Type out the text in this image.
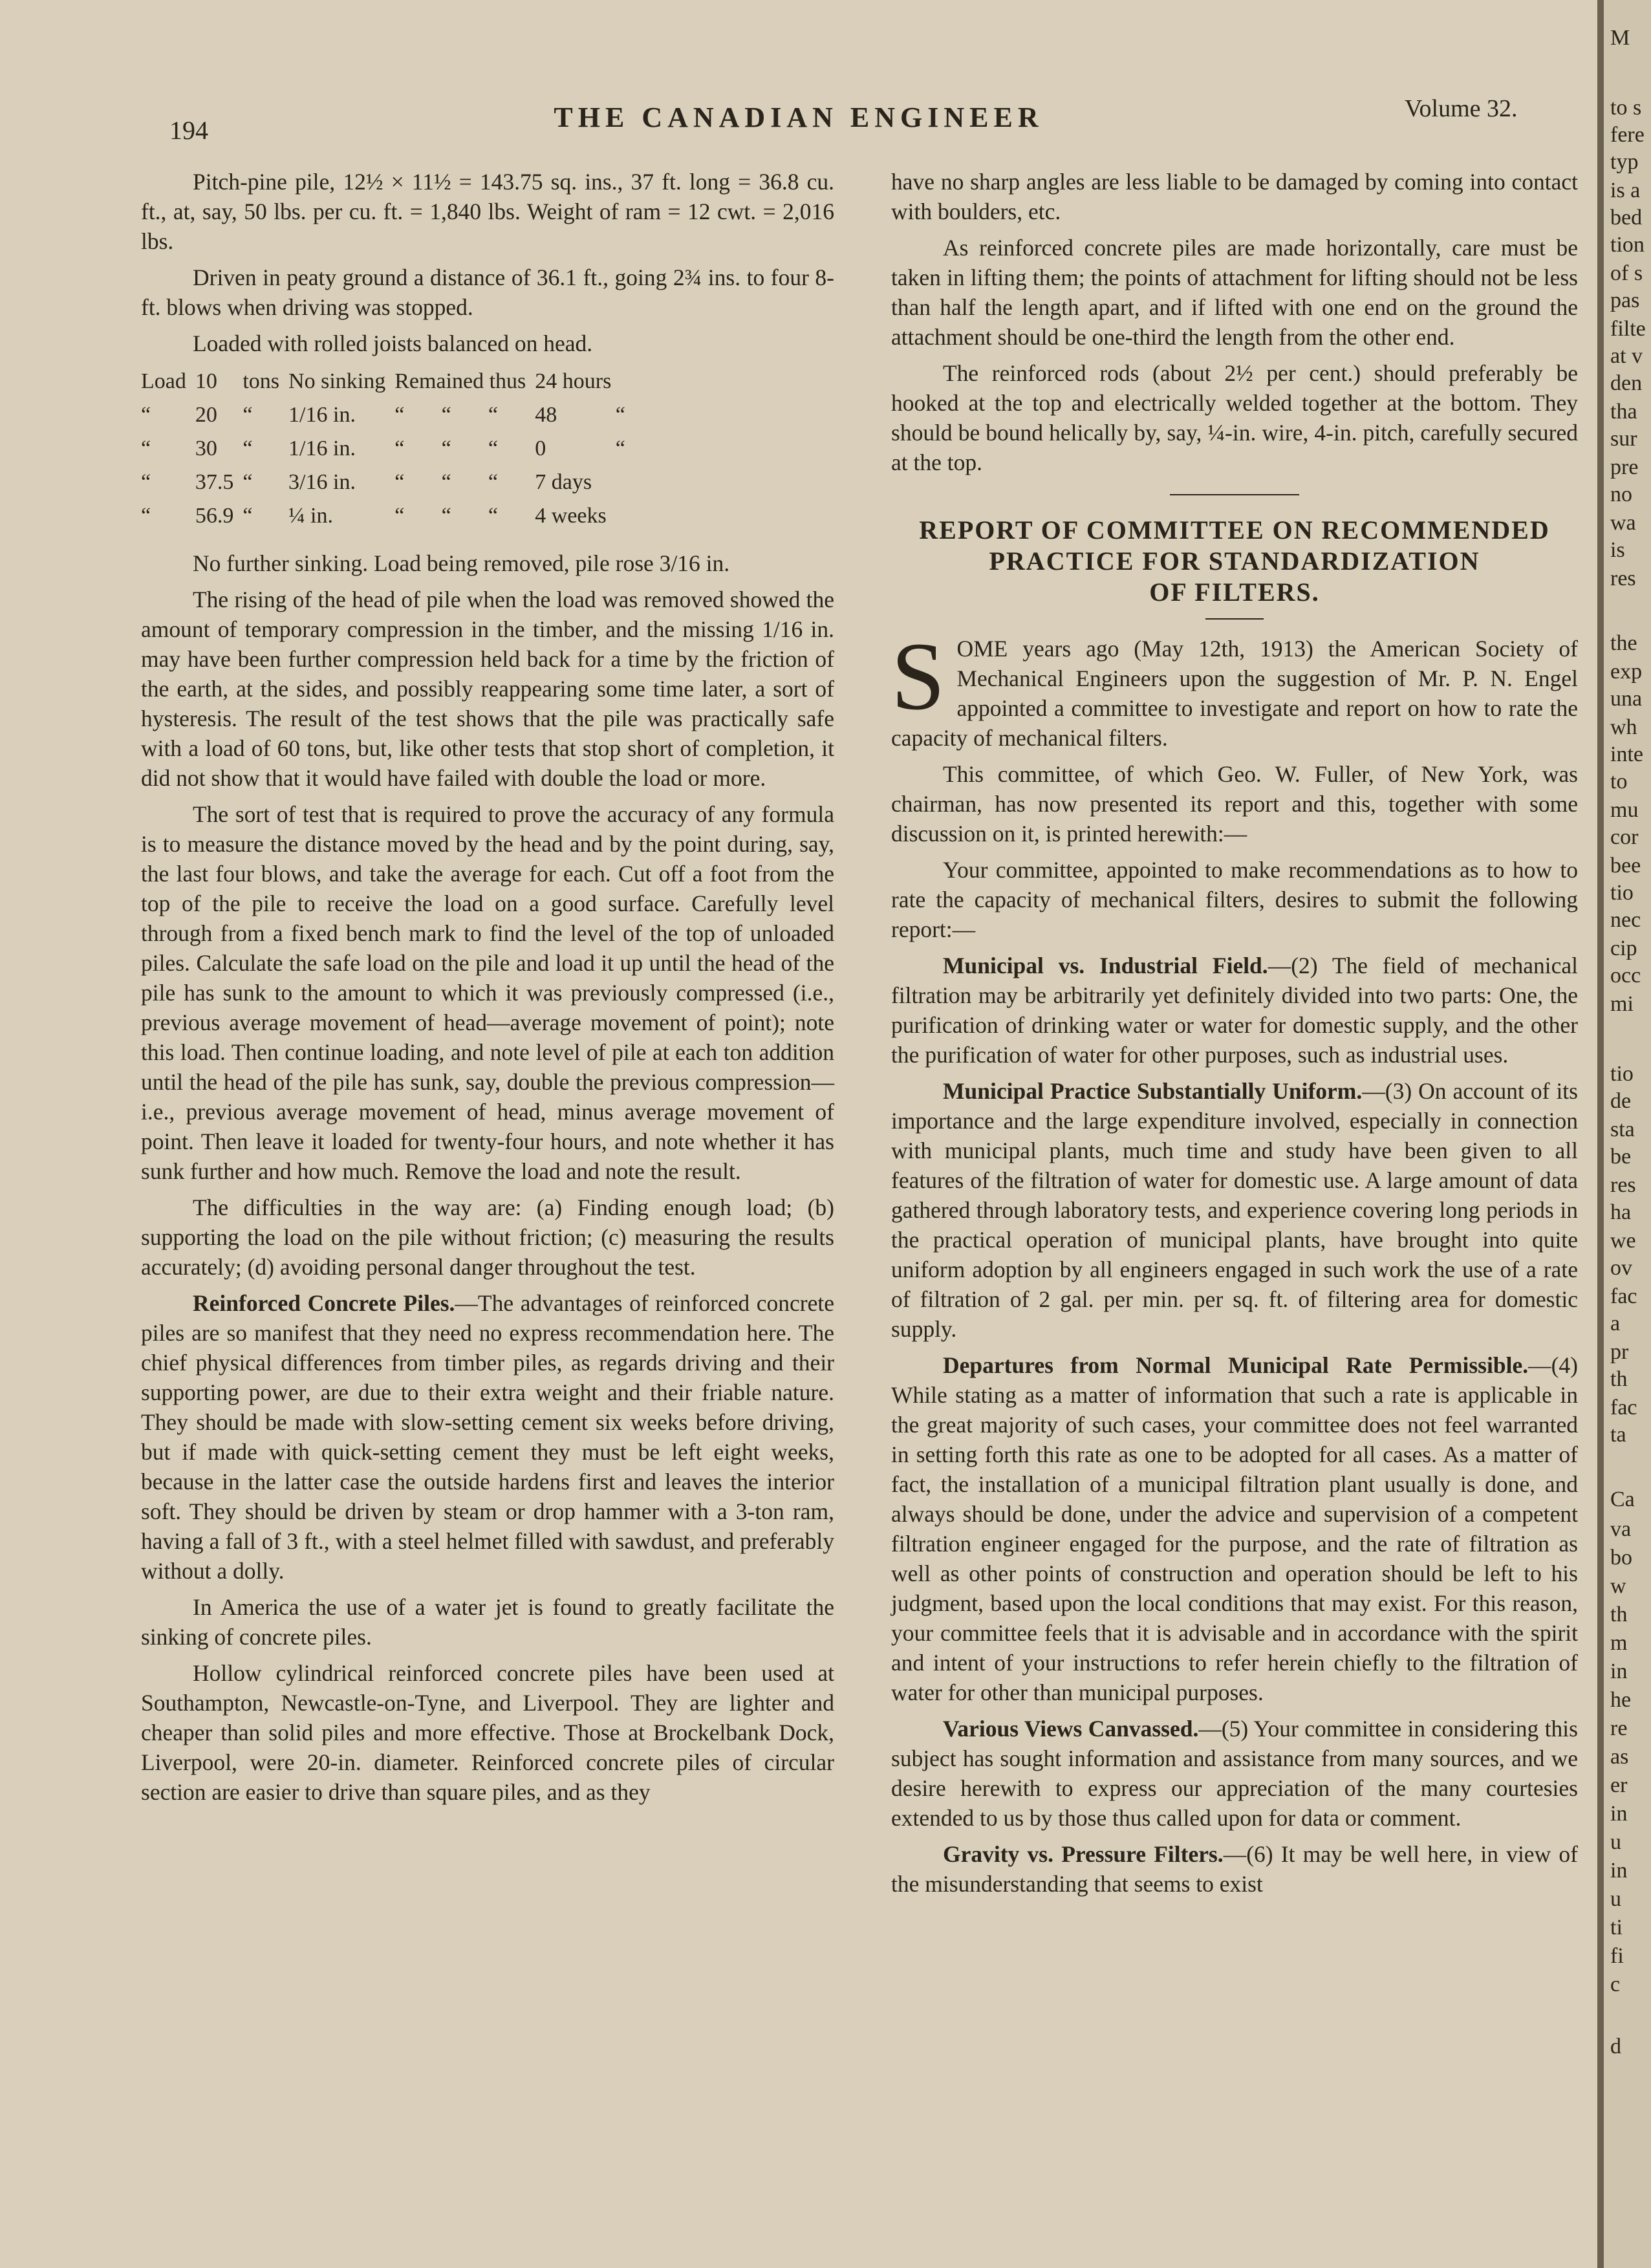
194	THE CANADIAN ENGINEER	Volume 32.

Pitch-pine pile, 12½ × 11½ = 143.75 sq. ins., 37 ft. long = 36.8 cu. ft., at, say, 50 lbs. per cu. ft. = 1,840 lbs. Weight of ram = 12 cwt. = 2,016 lbs.

Driven in peaty ground a distance of 36.1 ft., going 2¾ ins. to four 8-ft. blows when driving was stopped.

Loaded with rolled joists balanced on head.

Load	10	tons	No sinking	Remained thus			24 hours	
“	20	“	1/16 in.	“	“	“	48	“
“	30	“	1/16 in.	“	“	“	0	“
“	37.5	“	3/16 in.	“	“	“	7 days	
“	56.9	“	¼ in.	“	“	“	4 weeks	

No further sinking. Load being removed, pile rose 3/16 in.

The rising of the head of pile when the load was removed showed the amount of temporary compression in the timber, and the missing 1/16 in. may have been further compression held back for a time by the friction of the earth, at the sides, and possibly reappearing some time later, a sort of hysteresis. The result of the test shows that the pile was practically safe with a load of 60 tons, but, like other tests that stop short of completion, it did not show that it would have failed with double the load or more.

The sort of test that is required to prove the accuracy of any formula is to measure the distance moved by the head and by the point during, say, the last four blows, and take the average for each. Cut off a foot from the top of the pile to receive the load on a good surface. Carefully level through from a fixed bench mark to find the level of the top of unloaded piles. Calculate the safe load on the pile and load it up until the head of the pile has sunk to the amount to which it was previously compressed (i.e., previous average movement of head—average movement of point); note this load. Then continue loading, and note level of pile at each ton addition until the head of the pile has sunk, say, double the previous compression—i.e., previous average movement of head, minus average movement of point. Then leave it loaded for twenty-four hours, and note whether it has sunk further and how much. Remove the load and note the result.

The difficulties in the way are: (a) Finding enough load; (b) supporting the load on the pile without friction; (c) measuring the results accurately; (d) avoiding personal danger throughout the test.

Reinforced Concrete Piles.—The advantages of reinforced concrete piles are so manifest that they need no express recommendation here. The chief physical differences from timber piles, as regards driving and their supporting power, are due to their extra weight and their friable nature. They should be made with slow-setting cement six weeks before driving, but if made with quick-setting cement they must be left eight weeks, because in the latter case the outside hardens first and leaves the interior soft. They should be driven by steam or drop hammer with a 3-ton ram, having a fall of 3 ft., with a steel helmet filled with sawdust, and preferably without a dolly.

In America the use of a water jet is found to greatly facilitate the sinking of concrete piles.

Hollow cylindrical reinforced concrete piles have been used at Southampton, Newcastle-on-Tyne, and Liverpool. They are lighter and cheaper than solid piles and more effective. Those at Brockelbank Dock, Liverpool, were 20-in. diameter. Reinforced concrete piles of circular section are easier to drive than square piles, and as they

have no sharp angles are less liable to be damaged by coming into contact with boulders, etc.

As reinforced concrete piles are made horizontally, care must be taken in lifting them; the points of attachment for lifting should not be less than half the length apart, and if lifted with one end on the ground the attachment should be one-third the length from the other end.

The reinforced rods (about 2½ per cent.) should preferably be hooked at the top and electrically welded together at the bottom. They should be bound helically by, say, ¼-in. wire, 4-in. pitch, carefully secured at the top.

REPORT OF COMMITTEE ON RECOMMENDED
PRACTICE FOR STANDARDIZATION
OF FILTERS.

SOME years ago (May 12th, 1913) the American Society of Mechanical Engineers upon the suggestion of Mr. P. N. Engel appointed a committee to investigate and report on how to rate the capacity of mechanical filters.

This committee, of which Geo. W. Fuller, of New York, was chairman, has now presented its report and this, together with some discussion on it, is printed herewith:—

Your committee, appointed to make recommendations as to how to rate the capacity of mechanical filters, desires to submit the following report:—

Municipal vs. Industrial Field.—(2) The field of mechanical filtration may be arbitrarily yet definitely divided into two parts: One, the purification of drinking water or water for domestic supply, and the other the purification of water for other purposes, such as industrial uses.

Municipal Practice Substantially Uniform.—(3) On account of its importance and the large expenditure involved, especially in connection with municipal plants, much time and study have been given to all features of the filtration of water for domestic use. A large amount of data gathered through laboratory tests, and experience covering long periods in the practical operation of municipal plants, have brought into quite uniform adoption by all engineers engaged in such work the use of a rate of filtration of 2 gal. per min. per sq. ft. of filtering area for domestic supply.

Departures from Normal Municipal Rate Permissible.—(4) While stating as a matter of information that such a rate is applicable in the great majority of such cases, your committee does not feel warranted in setting forth this rate as one to be adopted for all cases. As a matter of fact, the installation of a municipal filtration plant usually is done, and always should be done, under the advice and supervision of a competent filtration engineer engaged for the purpose, and the rate of filtration as well as other points of construction and operation should be left to his judgment, based upon the local conditions that may exist. For this reason, your committee feels that it is advisable and in accordance with the spirit and intent of your instructions to refer herein chiefly to the filtration of water for other than municipal purposes.

Various Views Canvassed.—(5) Your committee in considering this subject has sought information and assistance from many sources, and we desire herewith to express our appreciation of the many courtesies extended to us by those thus called upon for data or comment.

Gravity vs. Pressure Filters.—(6) It may be well here, in view of the misunderstanding that seems to exist

M
to s
fere
typ
is a
bed
tion
of s
pas
filte
at v
den
tha
sur
pre
no
wa
is
res
the
exp
una
wh
inte
to
mu
cor
bee
tio
nec
cip
occ
mi
tio
de
sta
be
res
ha
we
ov
fac
a
pr
th
fac
ta
Ca
va
bo
w
th
m
in
he
re
as
er
in
u
in
u
ti
fi
c
d
